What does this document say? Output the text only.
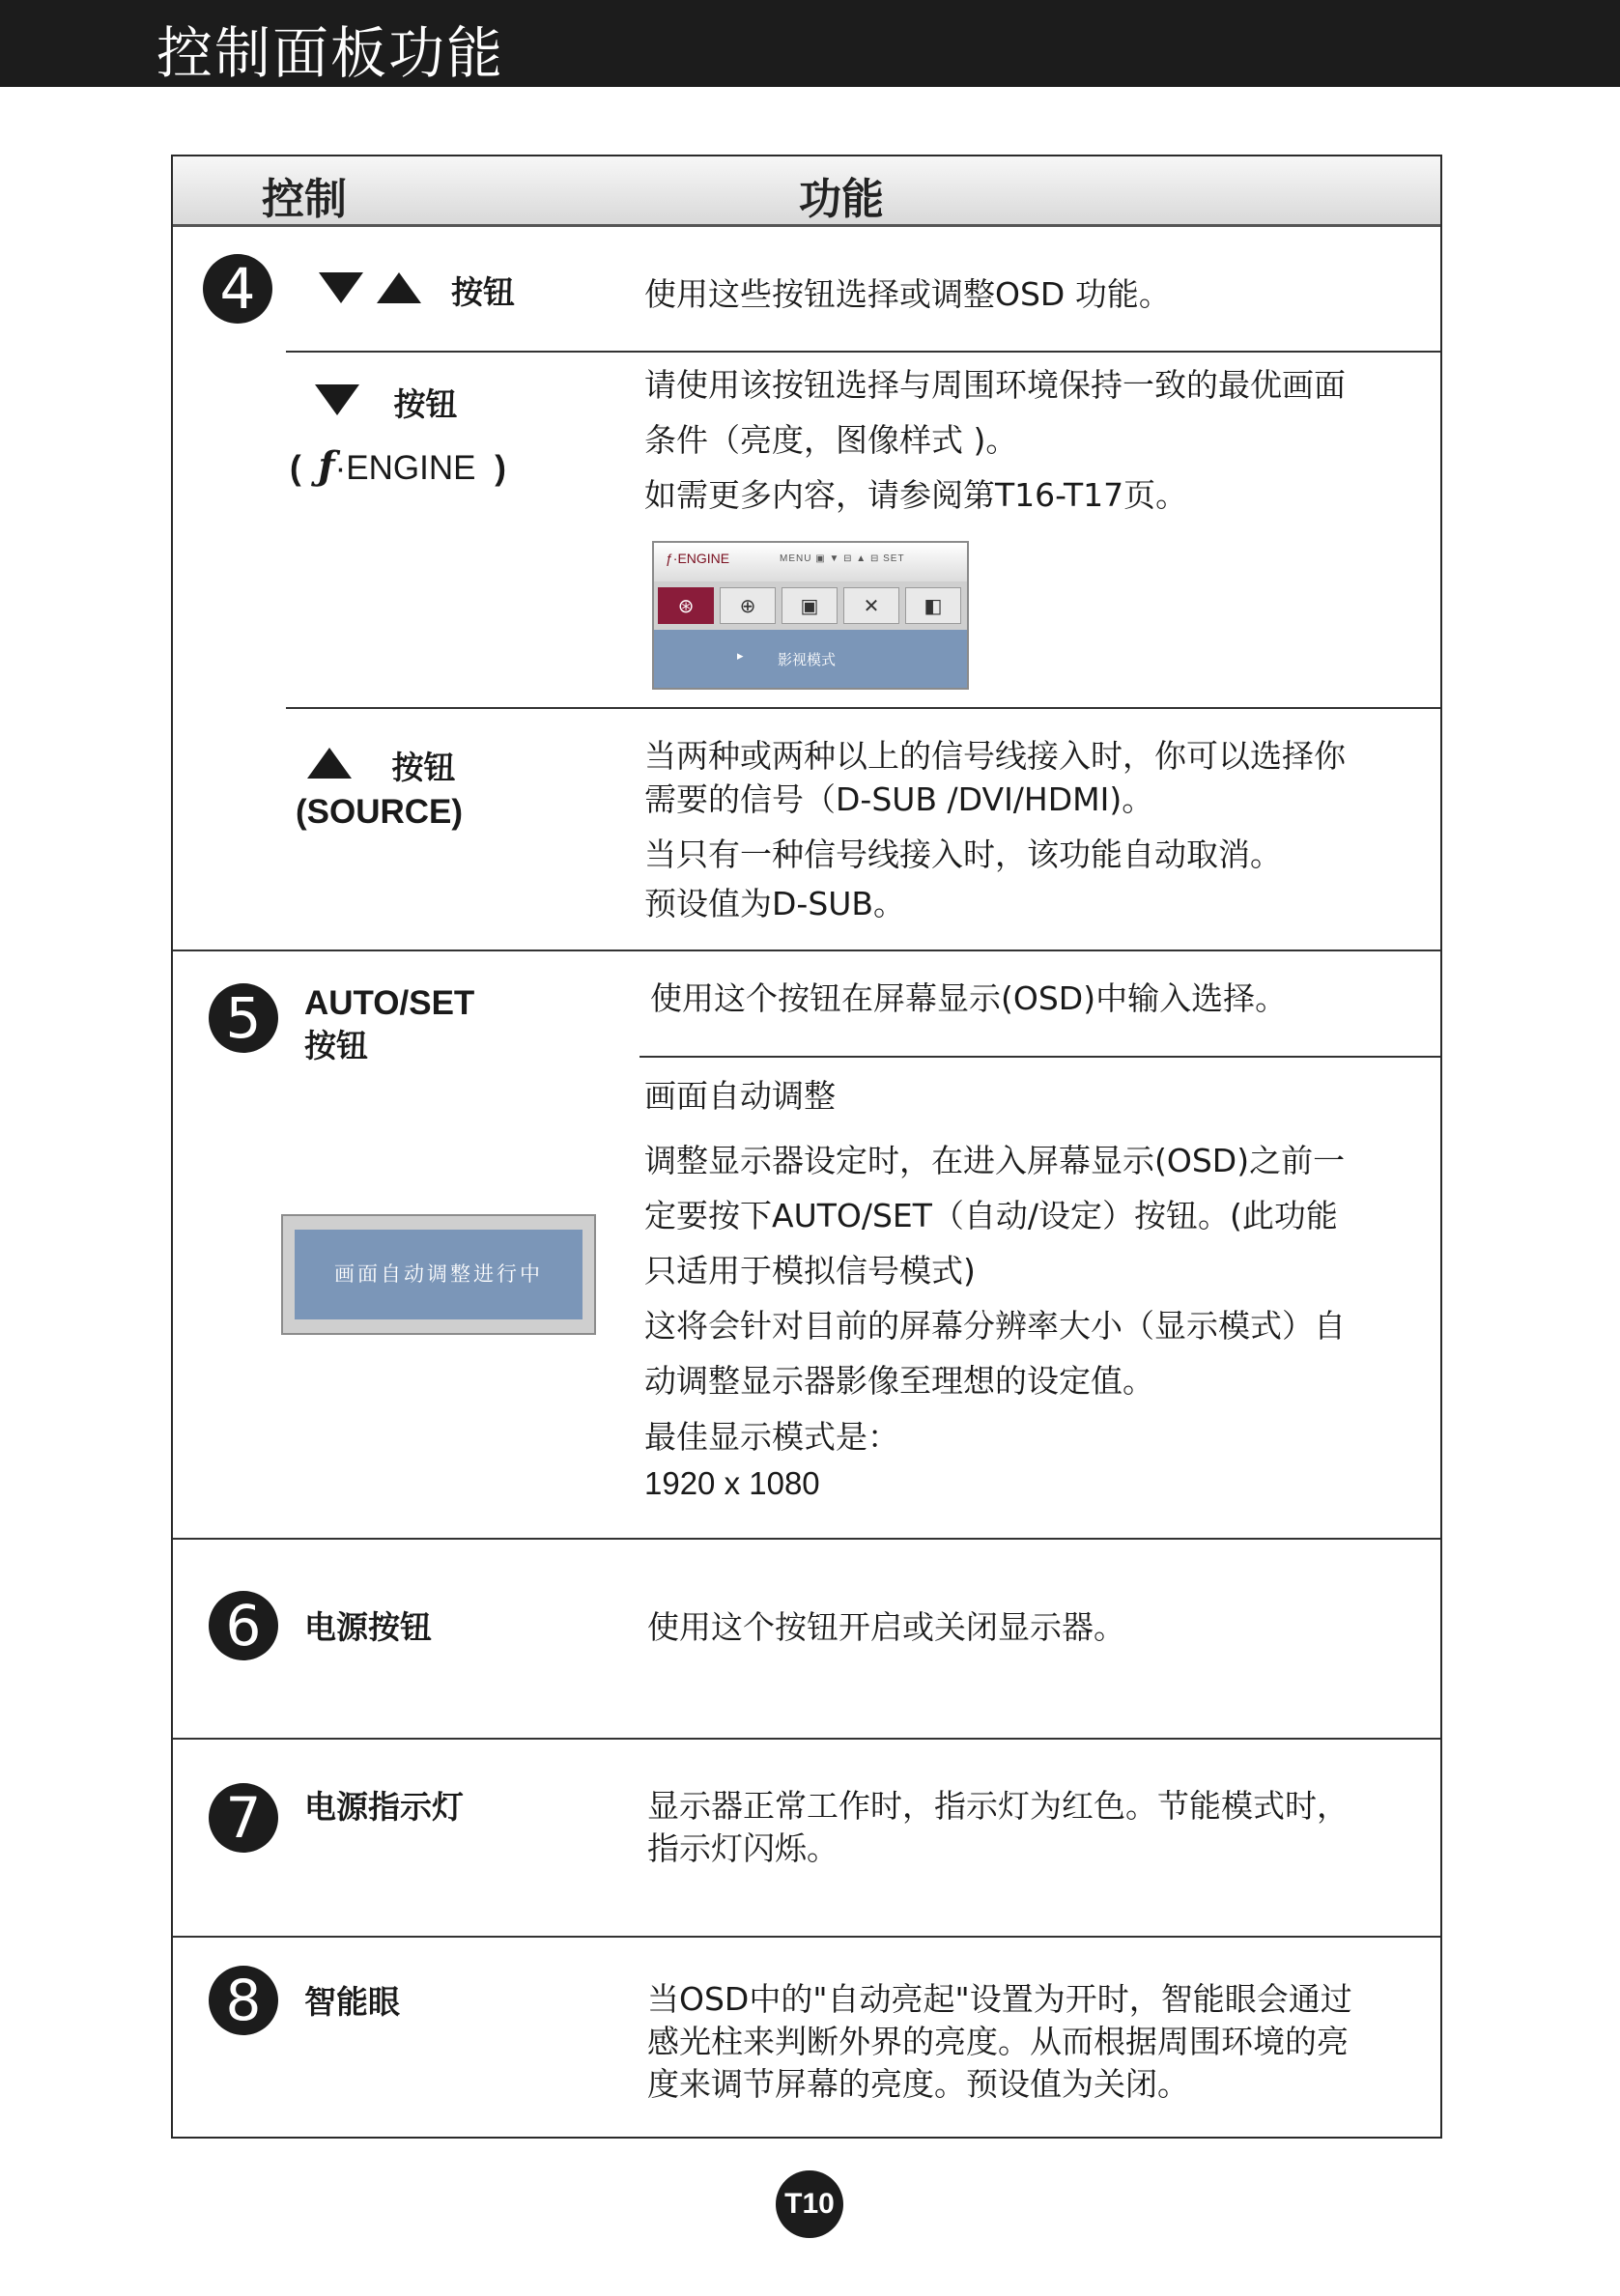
控制面板功能
控制	功能
4	按钮	使用这些按钮选择或调整OSD 功能。
按钮
( ƒ·ENGINE )

请使用该按钮选择与周围环境保持一致的最优画面

条件（亮度，图像样式 )。

如需更多内容，请参阅第T16-T17页。

ƒ·ENGINE	MENU ▣ ▼ ⊟ ▲ ⊟ SET
⊛	⊕	▣	✕	◧
▸ 影视模式
按钮
(SOURCE)

当两种或两种以上的信号线接入时，你可以选择你

需要的信号（D-SUB /DVI/HDMI)。

当只有一种信号线接入时，该功能自动取消。

预设值为D-SUB。

5	AUTO/SET
按钮
使用这个按钮在屏幕显示(OSD)中输入选择。
画面自动调整

调整显示器设定时，在进入屏幕显示(OSD)之前一

定要按下AUTO/SET（自动/设定）按钮。(此功能

只适用于模拟信号模式)

这将会针对目前的屏幕分辨率大小（显示模式）自

动调整显示器影像至理想的设定值。

最佳显示模式是：

1920 x 1080

画面自动调整进行中
6	电源按钮	使用这个按钮开启或关闭显示器。
7	电源指示灯	显示器正常工作时，指示灯为红色。节能模式时，

指示灯闪烁。

8	智能眼	当OSD中的"自动亮起"设置为开时，智能眼会通过

感光柱来判断外界的亮度。从而根据周围环境的亮

度来调节屏幕的亮度。预设值为关闭。

T10
